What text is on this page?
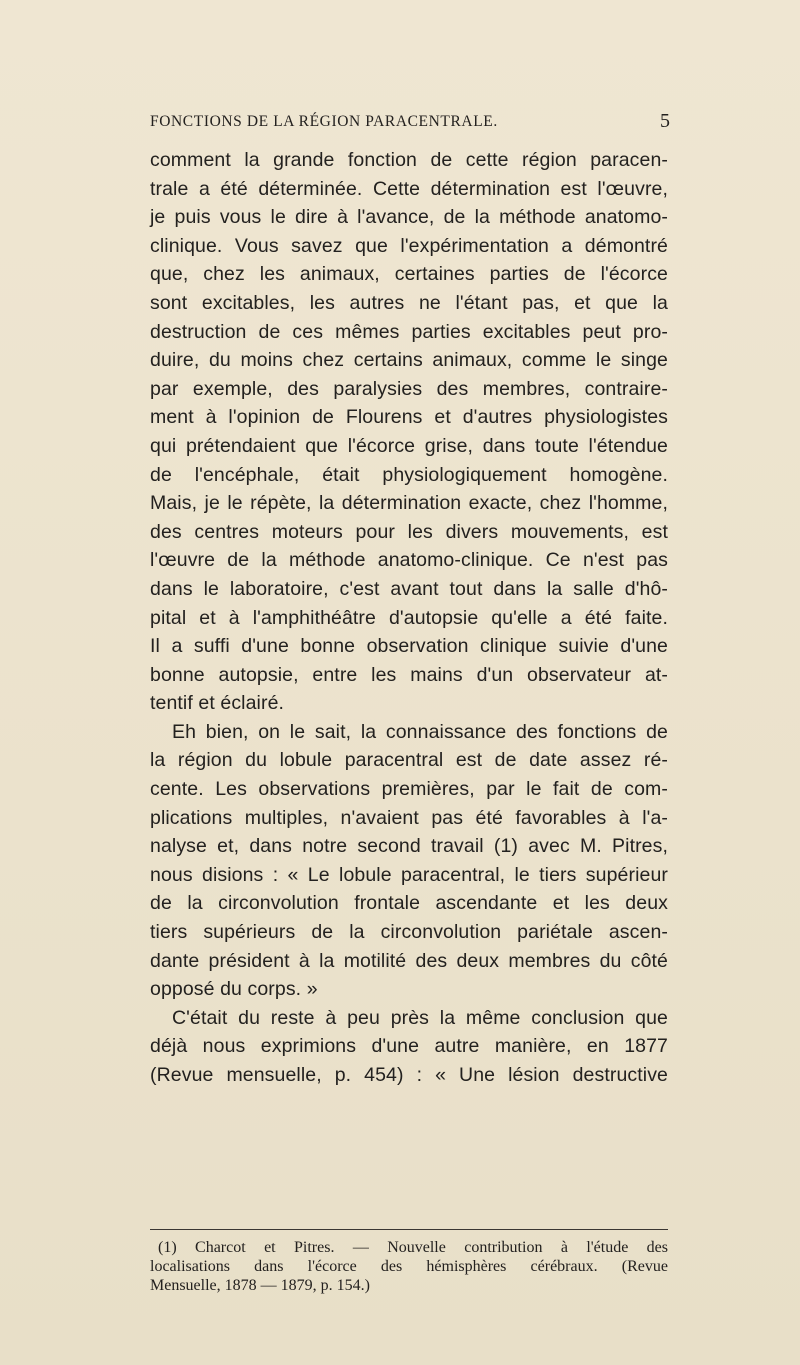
FONCTIONS DE LA RÉGION PARACENTRALE.	5
comment la grande fonction de cette région paracen-
trale a été déterminée. Cette détermination est l'œuvre,
je puis vous le dire à l'avance, de la méthode anatomo-
clinique. Vous savez que l'expérimentation a démontré
que, chez les animaux, certaines parties de l'écorce
sont excitables, les autres ne l'étant pas, et que la
destruction de ces mêmes parties excitables peut pro-
duire, du moins chez certains animaux, comme le singe
par exemple, des paralysies des membres, contraire-
ment à l'opinion de Flourens et d'autres physiologistes
qui prétendaient que l'écorce grise, dans toute l'étendue
de l'encéphale, était physiologiquement homogène.
Mais, je le répète, la détermination exacte, chez l'homme,
des centres moteurs pour les divers mouvements, est
l'œuvre de la méthode anatomo-clinique. Ce n'est pas
dans le laboratoire, c'est avant tout dans la salle d'hô-
pital et à l'amphithéâtre d'autopsie qu'elle a été faite.
Il a suffi d'une bonne observation clinique suivie d'une
bonne autopsie, entre les mains d'un observateur at-
tentif et éclairé.
Eh bien, on le sait, la connaissance des fonctions de
la région du lobule paracentral est de date assez ré-
cente. Les observations premières, par le fait de com-
plications multiples, n'avaient pas été favorables à l'a-
nalyse et, dans notre second travail (1) avec M. Pitres,
nous disions : « Le lobule paracentral, le tiers supérieur
de la circonvolution frontale ascendante et les deux
tiers supérieurs de la circonvolution pariétale ascen-
dante président à la motilité des deux membres du côté
opposé du corps. »
C'était du reste à peu près la même conclusion que
déjà nous exprimions d'une autre manière, en 1877
(Revue mensuelle, p. 454) : « Une lésion destructive
(1) Charcot et Pitres. — Nouvelle contribution à l'étude des
localisations dans l'écorce des hémisphères cérébraux. (Revue
Mensuelle, 1878 — 1879, p. 154.)
